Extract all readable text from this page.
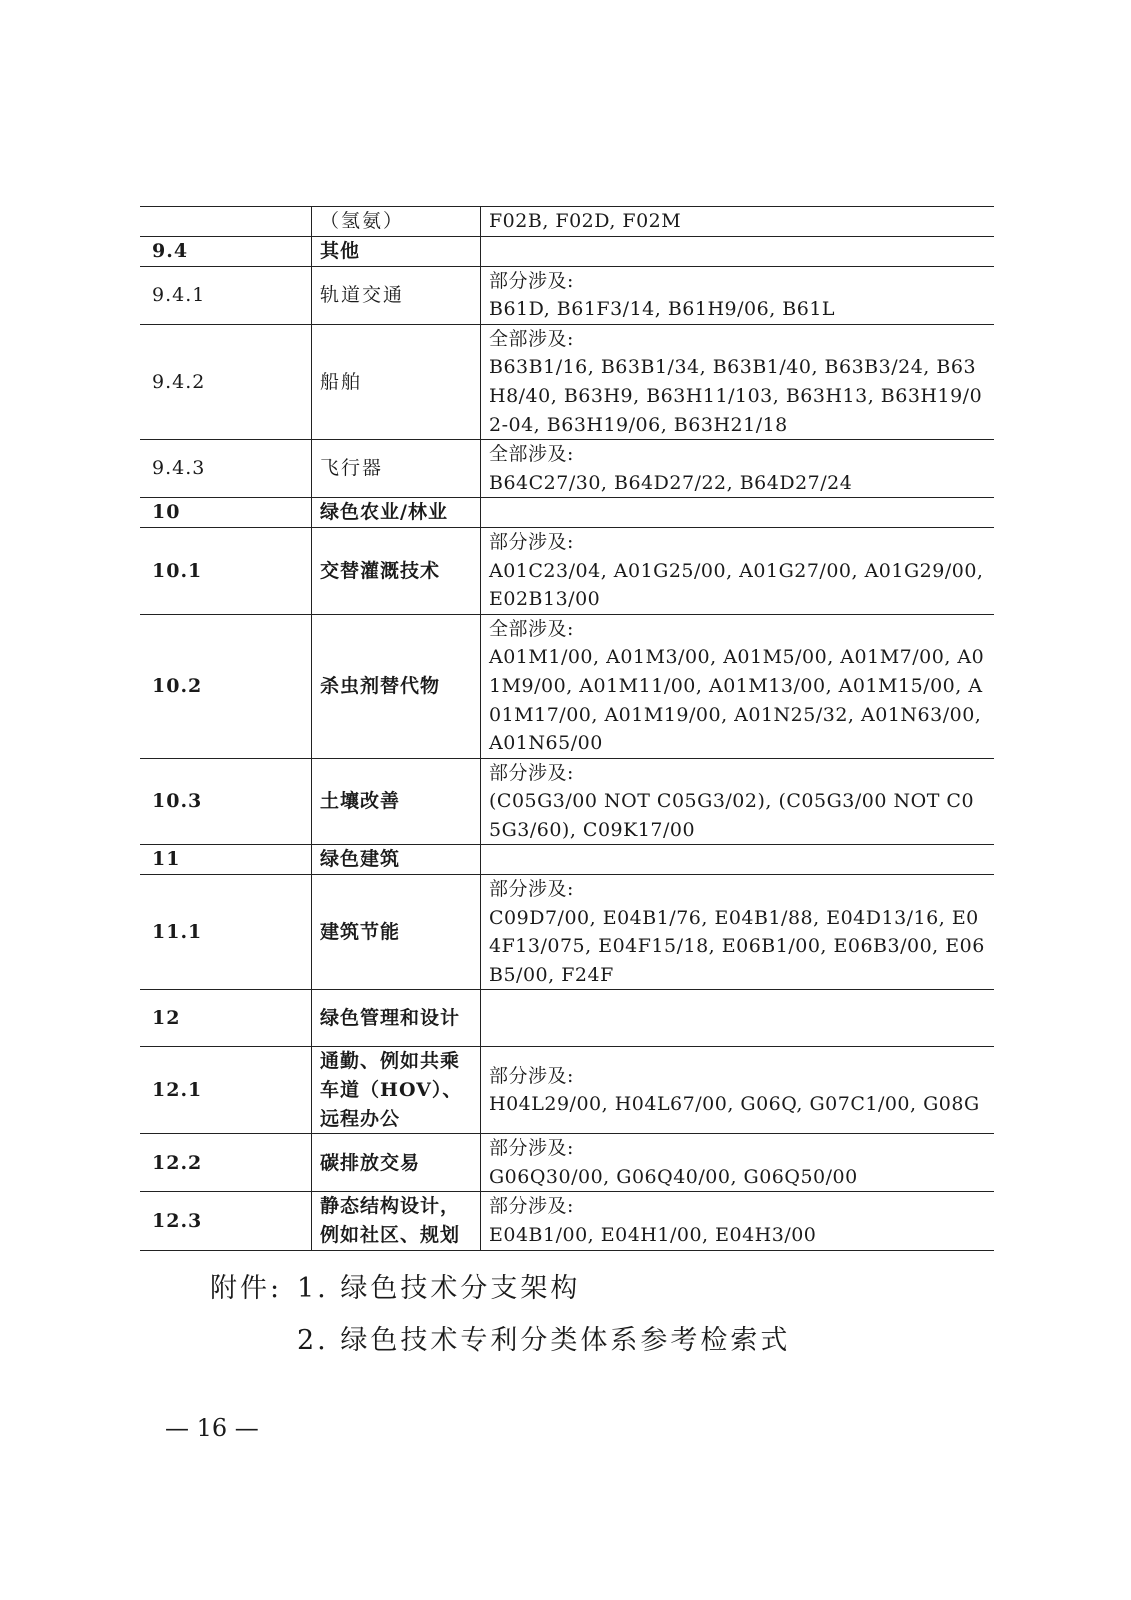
	（氢氨）	F02B, F02D, F02M

9.4	其他	
9.4.1	轨道交通	部分涉及:
B61D, B61F3/14, B61H9/06, B61L

9.4.2	船舶	全部涉及:
B63B1/16, B63B1/34, B63B1/40, B63B3/24, B63H8/40, B63H9, B63H11/103, B63H13, B63H19/02-04, B63H19/06, B63H21/18

9.4.3	飞行器	全部涉及:
B64C27/30, B64D27/22, B64D27/24

10	绿色农业/林业	
10.1	交替灌溉技术	部分涉及:
A01C23/04, A01G25/00, A01G27/00, A01G29/00, E02B13/00

10.2	杀虫剂替代物	全部涉及:
A01M1/00, A01M3/00, A01M5/00, A01M7/00, A01M9/00, A01M11/00, A01M13/00, A01M15/00, A01M17/00, A01M19/00, A01N25/32, A01N63/00, A01N65/00

10.3	土壤改善	部分涉及:
(C05G3/00 NOT C05G3/02), (C05G3/00 NOT C05G3/60), C09K17/00

11	绿色建筑	
11.1	建筑节能	部分涉及:
C09D7/00, E04B1/76, E04B1/88, E04D13/16, E04F13/075, E04F15/18, E06B1/00, E06B3/00, E06B5/00, F24F

12	绿色管理和设计	
12.1	通勤、例如共乘车道（HOV）、远程办公	部分涉及:
H04L29/00, H04L67/00, G06Q, G07C1/00, G08G

12.2	碳排放交易	部分涉及:
G06Q30/00, G06Q40/00, G06Q50/00

12.3	静态结构设计，例如社区、规划	部分涉及:
E04B1/00, E04H1/00, E04H3/00
附件: 1. 绿色技术分支架构
2. 绿色技术专利分类体系参考检索式
— 16 —
